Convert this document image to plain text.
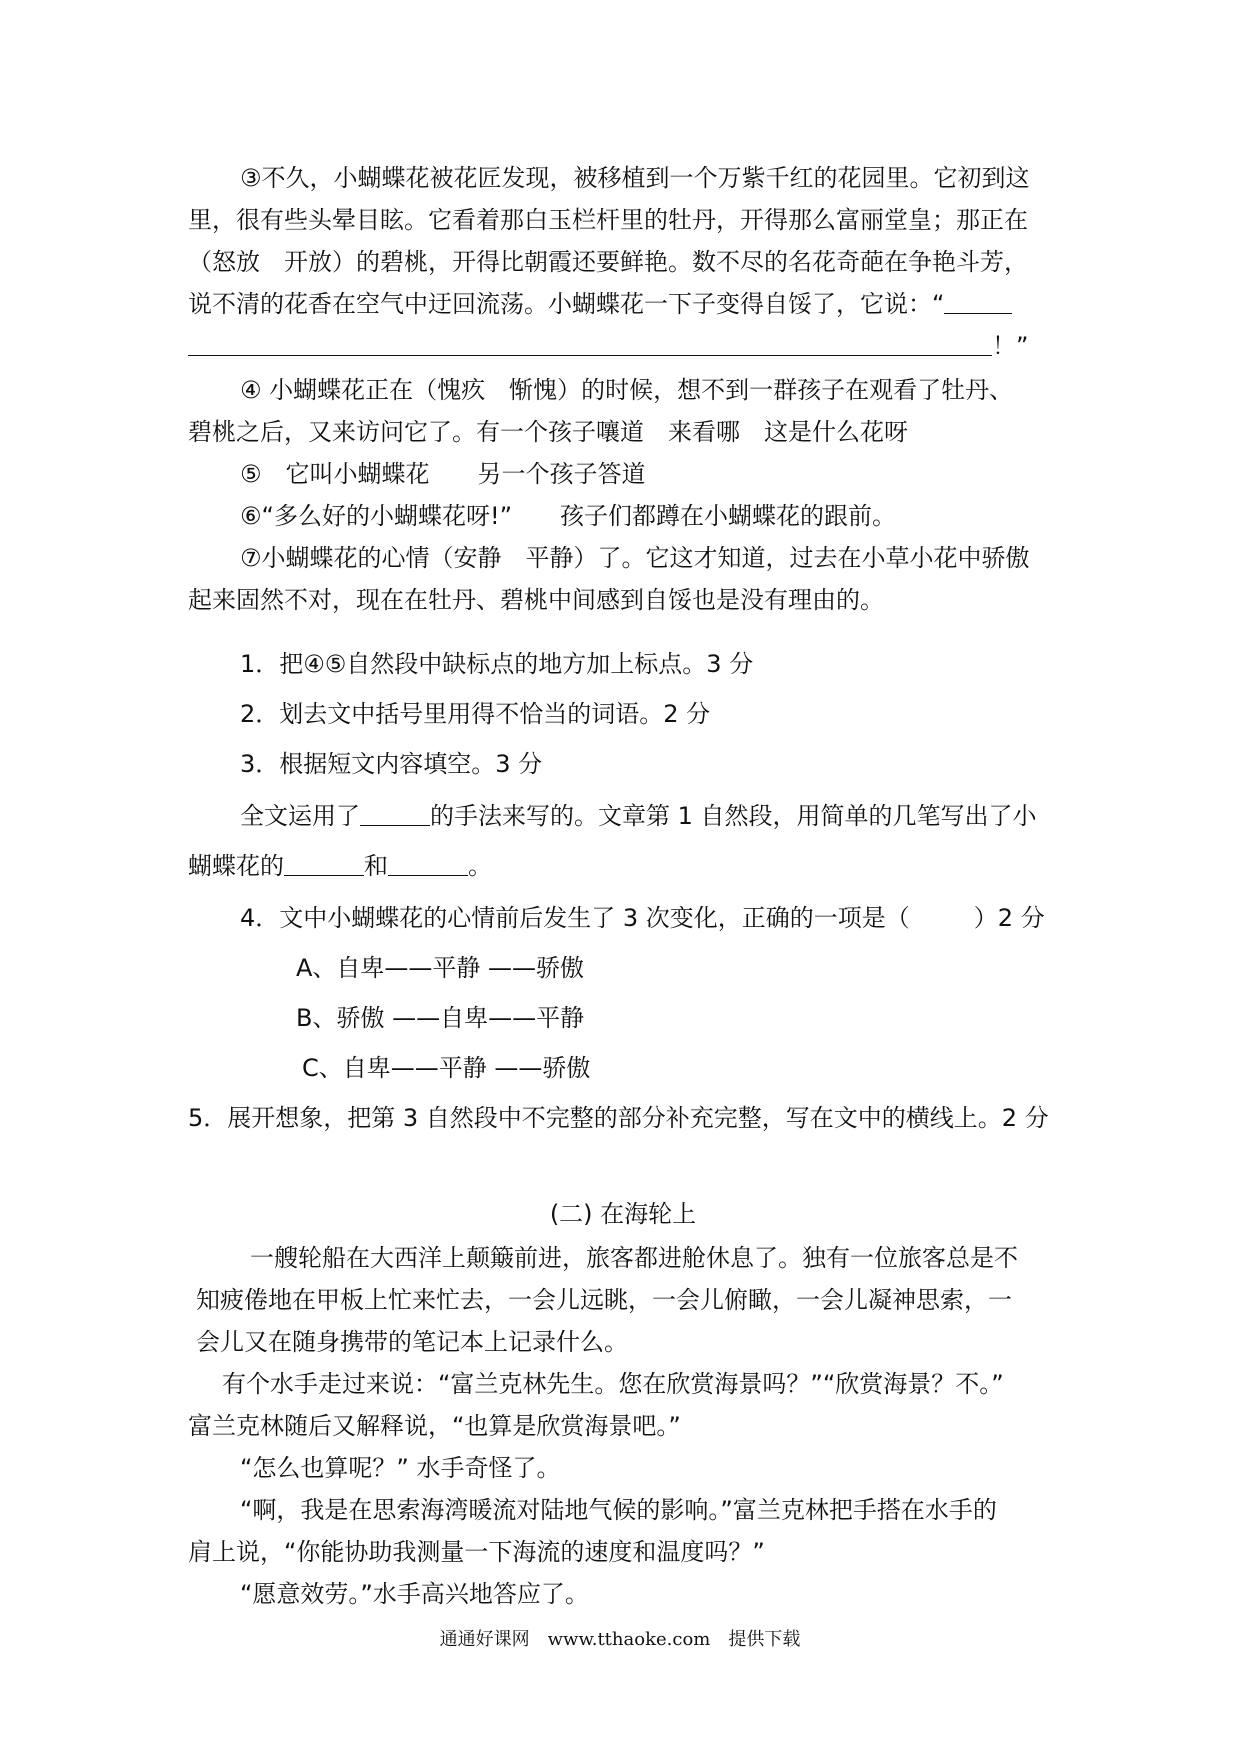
③不久，小蝴蝶花被花匠发现，被移植到一个万紫千红的花园里。它初到这
里，很有些头晕目眩。它看着那白玉栏杆里的牡丹，开得那么富丽堂皇；那正在
（怒放　开放）的碧桃，开得比朝霞还要鲜艳。数不尽的名花奇葩在争艳斗芳，
说不清的花香在空气中迂回流荡。小蝴蝶花一下子变得自馁了，它说：“
！”
④ 小蝴蝶花正在（愧疚　惭愧）的时候，想不到一群孩子在观看了牡丹、
碧桃之后，又来访问它了。有一个孩子嚷道　来看哪　这是什么花呀
⑤　它叫小蝴蝶花　　另一个孩子答道
⑥“多么好的小蝴蝶花呀!”　　孩子们都蹲在小蝴蝶花的跟前。
⑦小蝴蝶花的心情（安静　平静）了。它这才知道，过去在小草小花中骄傲
起来固然不对，现在在牡丹、碧桃中间感到自馁也是没有理由的。
1．把④⑤自然段中缺标点的地方加上标点。3 分
2．划去文中括号里用得不恰当的词语。2 分
3．根据短文内容填空。3 分
全文运用了	的手法来写的。文章第 1 自然段，用简单的几笔写出了小
蝴蝶花的	和	。
4．文中小蝴蝶花的心情前后发生了 3 次变化，正确的一项是（	）2 分
A、自卑——平静 ——骄傲
B、骄傲 ——自卑——平静
C、自卑——平静 ——骄傲
5．展开想象，把第 3 自然段中不完整的部分补充完整，写在文中的横线上。2 分
(二) 在海轮上
一艘轮船在大西洋上颠簸前进，旅客都进舱休息了。独有一位旅客总是不
知疲倦地在甲板上忙来忙去，一会儿远眺，一会儿俯瞰，一会儿凝神思索，一
会儿又在随身携带的笔记本上记录什么。
有个水手走过来说：“富兰克林先生。您在欣赏海景吗？”“欣赏海景？不。”
富兰克林随后又解释说，“也算是欣赏海景吧。”
“怎么也算呢？” 水手奇怪了。
“啊，我是在思索海湾暖流对陆地气候的影响。”富兰克林把手搭在水手的
肩上说，“你能协助我测量一下海流的速度和温度吗？”
“愿意效劳。”水手高兴地答应了。
通通好课网　www.tthaoke.com　提供下载
